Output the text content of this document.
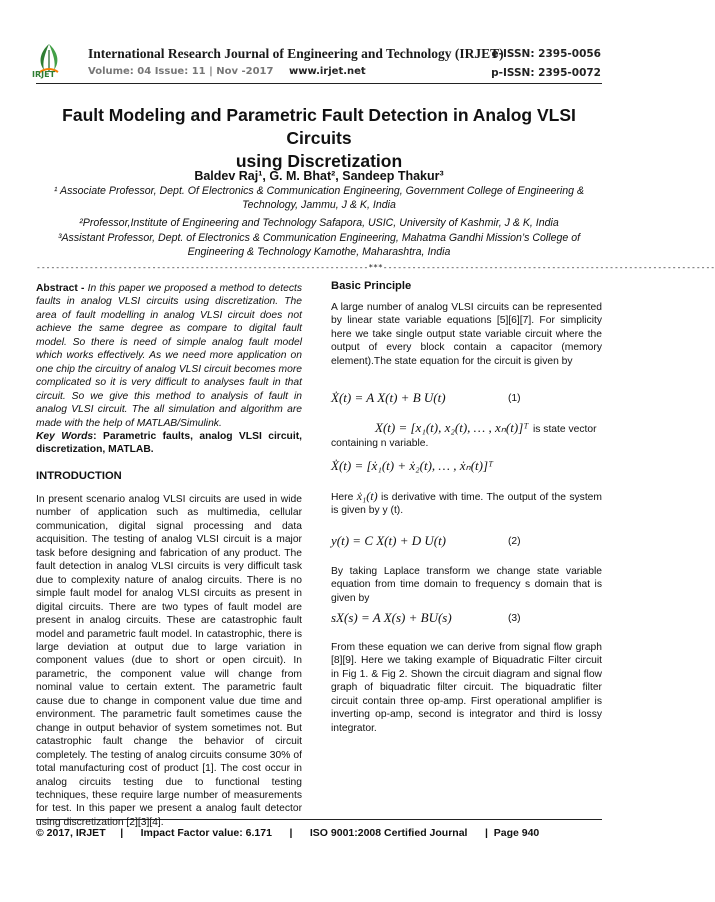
IRJET
International Research Journal of Engineering and Technology (IRJET)
Volume: 04 Issue: 11 | Nov -2017 www.irjet.net
e-ISSN: 2395-0056
p-ISSN: 2395-0072
Fault Modeling and Parametric Fault Detection in Analog VLSI Circuits
using Discretization
Baldev Raj¹, G. M. Bhat², Sandeep Thakur³
¹ Associate Professor, Dept. Of Electronics & Communication Engineering, Government College of Engineering &
Technology, Jammu, J & K, India
²Professor,Institute of Engineering and Technology Safapora, USIC, University of Kashmir, J & K, India
³Assistant Professor, Dept. of Electronics & Communication Engineering, Mahatma Gandhi Mission’s College of
Engineering & Technology Kamothe, Maharashtra, India
---------------------------------------------------------------------***---------------------------------------------------------------------

Abstract - In this paper we proposed a method to detects faults in analog VLSI circuits using discretization. The area of fault modelling in analog VLSI circuit does not achieve the same degree as compare to digital fault model. So there is need of simple analog fault model which works effectively. As we need more application on one chip the circuitry of analog VLSI circuit becomes more complicated so it is very difficult to analyses fault in that circuit. So we give this method to analysis of fault in analog VLSI circuit. The all simulation and algorithm are made with the help of MATLAB/Simulink.

Key Words: Parametric faults, analog VLSI circuit, discretization, MATLAB.

INTRODUCTION
In present scenario analog VLSI circuits are used in wide number of application such as multimedia, cellular communication, digital signal processing and data acquisition. The testing of analog VLSI circuit is a major task before designing and fabrication of any product. The fault detection in analog VLSI circuits is very difficult task due to complexity nature of analog circuits. There is no simple fault model for analog VLSI circuits as present in digital circuits. There are two types of fault model are present in analog circuits. These are catastrophic fault model and parametric fault model. In catastrophic, there is large deviation at output due to large variation in component values (due to short or open circuit). In parametric, the component value will change from nominal value to certain extent. The parametric fault cause due to change in component value due time and environment. The parametric fault sometimes cause the change in output behavior of system sometimes not. But catastrophic fault change the behavior of circuit completely. The testing of analog circuits consume 30% of total manufacturing cost of product [1]. The cost occur in analog circuits testing due to functional testing techniques, these require large number of measurements for test. In this paper we present a analog fault detector using discretization [2][3][4].
Basic Principle
A large number of analog VLSI circuits can be represented by linear state variable equations [5][6][7]. For simplicity here we take single output state variable circuit where the output of every block contain a capacitor (memory element).The state equation for the circuit is given by
Ẋ(t) = A X(t) + B U(t)	(1)
X(t) = [x₁(t), x₂(t), … , xₙ(t)]ᵀ is state vector
containing n variable.
Ẋ(t) = [ẋ₁(t) + ẋ₂(t), … , ẋₙ(t)]ᵀ
Here ẋ₁(t) is derivative with time. The output of the system is given by y (t).
y(t) = C X(t) + D U(t)	(2)
By taking Laplace transform we change state variable equation from time domain to frequency s domain that is given by
sX(s) = A X(s) + BU(s)	(3)
From these equation we can derive from signal flow graph [8][9]. Here we taking example of Biquadratic Filter circuit in Fig 1. & Fig 2. Shown the circuit diagram and signal flow graph of biquadratic filter circuit. The biquadratic filter circuit contain three op-amp. First operational amplifier is inverting op-amp, second is integrator and third is lossy integrator.
© 2017, IRJET     |      Impact Factor value: 6.171      |      ISO 9001:2008 Certified Journal      |  Page 940
